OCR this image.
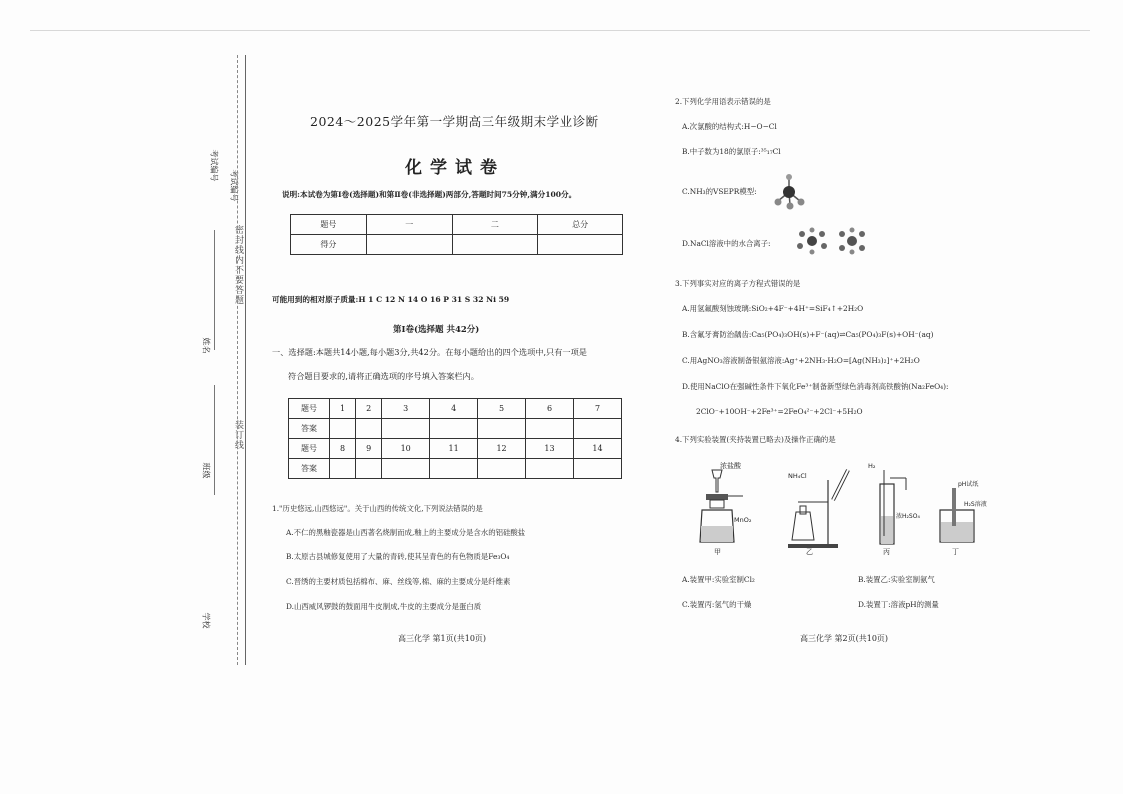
考试编号
考试编号
姓名
班级
学校
密封线内不要答题
装订线
2024～2025学年第一学期高三年级期末学业诊断
化学试卷
说明:本试卷为第Ⅰ卷(选择题)和第Ⅱ卷(非选择题)两部分,答题时间75分钟,满分100分。
题号	一	二	总分
得分			
可能用到的相对原子质量:H 1 C 12 N 14 O 16 P 31 S 32 Ni 59
第Ⅰ卷(选择题 共42分)
一、选择题:本题共14小题,每小题3分,共42分。在每小题给出的四个选项中,只有一项是
符合题目要求的,请将正确选项的序号填入答案栏内。
题号	1	2	3	4	5	6	7
答案							
题号	8	9	10	11	12	13	14
答案							
1."历史悠远,山西悠远"。关于山西的传统文化,下列说法错误的是
A.不仁的黑釉瓷器是山西著名烧制而成,釉上的主要成分是含水的铝硅酸盐
B.太原古县城修复使用了大量的青砖,使其呈青色的有色物质是Fe₃O₄
C.晋绣的主要材质包括棉布、麻、丝线等,棉、麻的主要成分是纤维素
D.山西威风锣鼓的鼓面用牛皮制成,牛皮的主要成分是蛋白质
高三化学 第1页(共10页)
2.下列化学用语表示错误的是
A.次氯酸的结构式:H−O−Cl
B.中子数为18的氯原子:³⁵₁₇Cl
C.NH₃的VSEPR模型:
D.NaCl溶液中的水合离子:
3.下列事实对应的离子方程式错误的是
A.用氢氟酸刻蚀玻璃:SiO₂+4F⁻+4H⁺=SiF₄↑+2H₂O
B.含氟牙膏防治龋齿:Ca₅(PO₄)₃OH(s)+F⁻(aq)⇌Ca₅(PO₄)₃F(s)+OH⁻(aq)
C.用AgNO₃溶液制备银氨溶液:Ag⁺+2NH₃·H₂O=[Ag(NH₃)₂]⁺+2H₂O
D.使用NaClO在强碱性条件下氧化Fe³⁺制备新型绿色消毒剂高铁酸钠(Na₂FeO₄):
2ClO⁻+10OH⁻+2Fe³⁺=2FeO₄²⁻+2Cl⁻+5H₂O
4.下列实验装置(夹持装置已略去)及操作正确的是
浓盐酸
MnO₂
甲
NH₄Cl
乙
H₂
浓H₂SO₄
丙
pH试纸
H₂S溶液
丁
A.装置甲:实验室制Cl₂	B.装置乙:实验室制氨气
C.装置丙:氢气的干燥	D.装置丁:溶液pH的测量
高三化学 第2页(共10页)
